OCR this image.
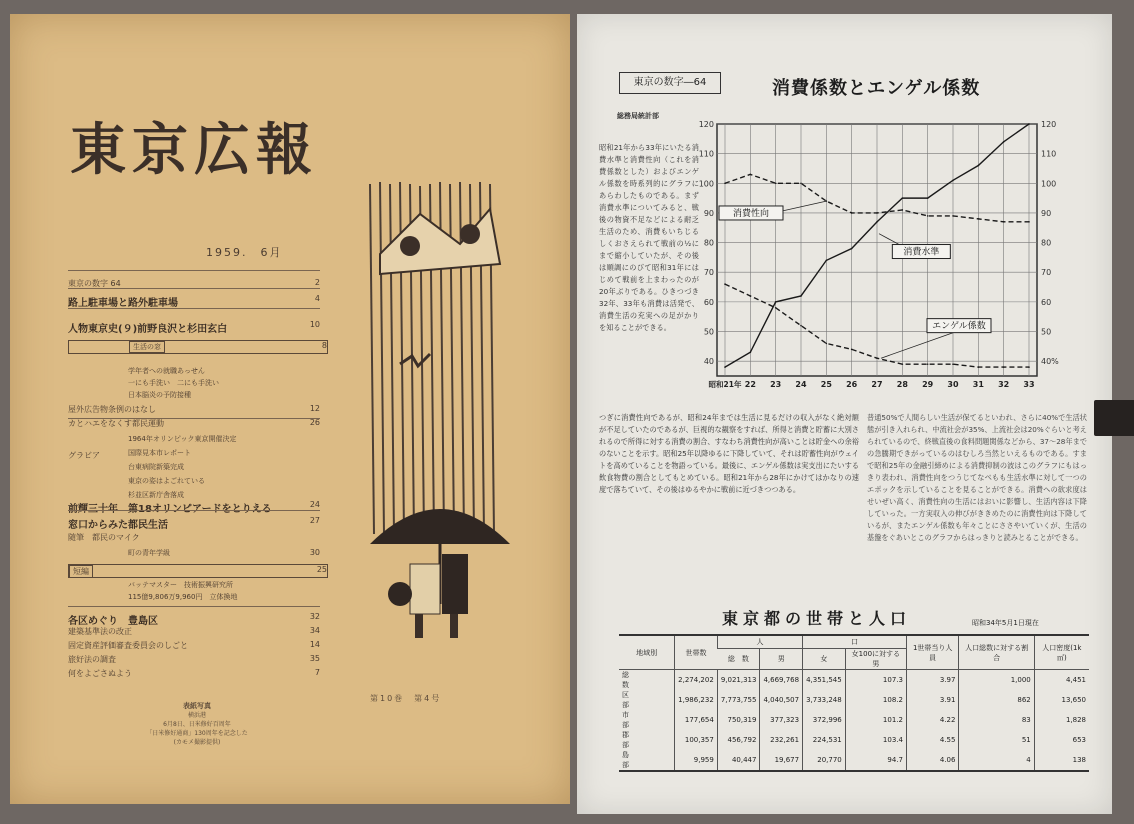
東京広報
1959.　6月
東京の数字 64	2
路上駐車場と路外駐車場	4
人物東京史(９)前野良沢と杉田玄白	10
生活の窓	8
学年者への就職あっせん
一にも手洗い　二にも手洗い
日本脳炎の予防接種
屋外広告物条例のはなし	12
カとハエをなくす都民運動	26
グラビア
1964年オリンピック東京開催決定
国際見本市レポート
台東病院新築完成
東京の姿はよごれている
杉並区新庁舎落成
前輝三十年　第18オリンピアードをとりえる	24
窓口からみた都民生活	27
随筆　都民のマイク
町の青年学級	30
短編	25
バッテマスター　技術振興研究所
115億9,806万9,960円　立体換地
各区めぐり　豊島区	32
建築基準法の改正	34
固定資産評価審査委員会のしごと	14
旅好法の調査	35
何をよごさぬよう	7
第10巻　第4号
表紙写真
横浜港
6月8日、日米修好百周年
「日米修好通商」130周年を記念した
(カモメ撮影提供)
東京の数字―64	消費係数とエンゲル係数
総務局統計部
昭和21年から33年にいたる消費水準と消費性向（これを消費係数とした）およびエンゲル係数を時系列的にグラフにあらわしたものである。まず消費水準についてみると、戦後の物資不足などによる耐乏生活のため、消費もいちじるしくおさえられて戦前の½にまで縮小していたが、その後は順調にのびて昭和31年にはじめて戦前を上まわったのが20年ぶりである。ひきつづき32年、33年も消費は活発で、消費生活の充実への足がかりを知ることができる。
40	40%
50	50
60	60
70	70
80	80
90	90
100	100
110	110
120	120
昭和21年 22 23 24 25 26 27 28 29 30 31 32 33
消費性向
消費水準
エンゲル係数
つぎに消費性向であるが、昭和24年までは生活に見るだけの収入がなく絶対額が不足していたのであるが、巨視的な観察をすれば、所得と消費と貯蓄に大別されるので所得に対する消費の割合、すなわち消費性向が高いことは貯金への余裕のないことを示す。昭和25年以降ゆるに下降していて、それは貯蓄性向がウェイトを高めていることを物語っている。最後に、エンゲル係数は実支出にたいする飲食物費の割合としてもとめている。昭和21年から28年にかけてはかなりの速度で落ちていて、その後はゆるやかに戦前に近づきつつある。
普通50%で人間らしい生活が保てるといわれ、さらに40%で生活状態が引き入れられ、中流社会が35%、上流社会は20%ぐらいと考えられているので、終戦直後の食料問題関係などから、37～28年までの急騰期できがっているのはむしろ当然といえるものである。すまで昭和25年の金融引締めによる消費抑制の波はこのグラフにもはっきり表われ、消費性向をつうじてなべもも生活水準に対して一つのエポックを示していることを見ることができる。消費への欲求度はせいぜい高く、消費性向の生活にはおいに影響し、生活内容は下降していった。一方実収入の伸びがききめたのに消費性向は下降しているが、またエンゲル係数も年々ことにささやいていくが、生活の基盤をぐあいとこのグラフからはっきりと読みとることができる。
東京都の世帯と人口	昭和34年5月1日現在
地域別	世帯数	人		口		1世帯当り人員	人口総数に対する割合	人口密度(1k㎡)
		総　数	男	女	女100に対する男			
総数	2,274,202	9,021,313	4,669,768	4,351,545	107.3	3.97	1,000	4,451
区部	1,986,232	7,773,755	4,040,507	3,733,248	108.2	3.91	862	13,650
市部	177,654	750,319	377,323	372,996	101.2	4.22	83	1,828
郡部	100,357	456,792	232,261	224,531	103.4	4.55	51	653
島部	9,959	40,447	19,677	20,770	94.7	4.06	4	138
